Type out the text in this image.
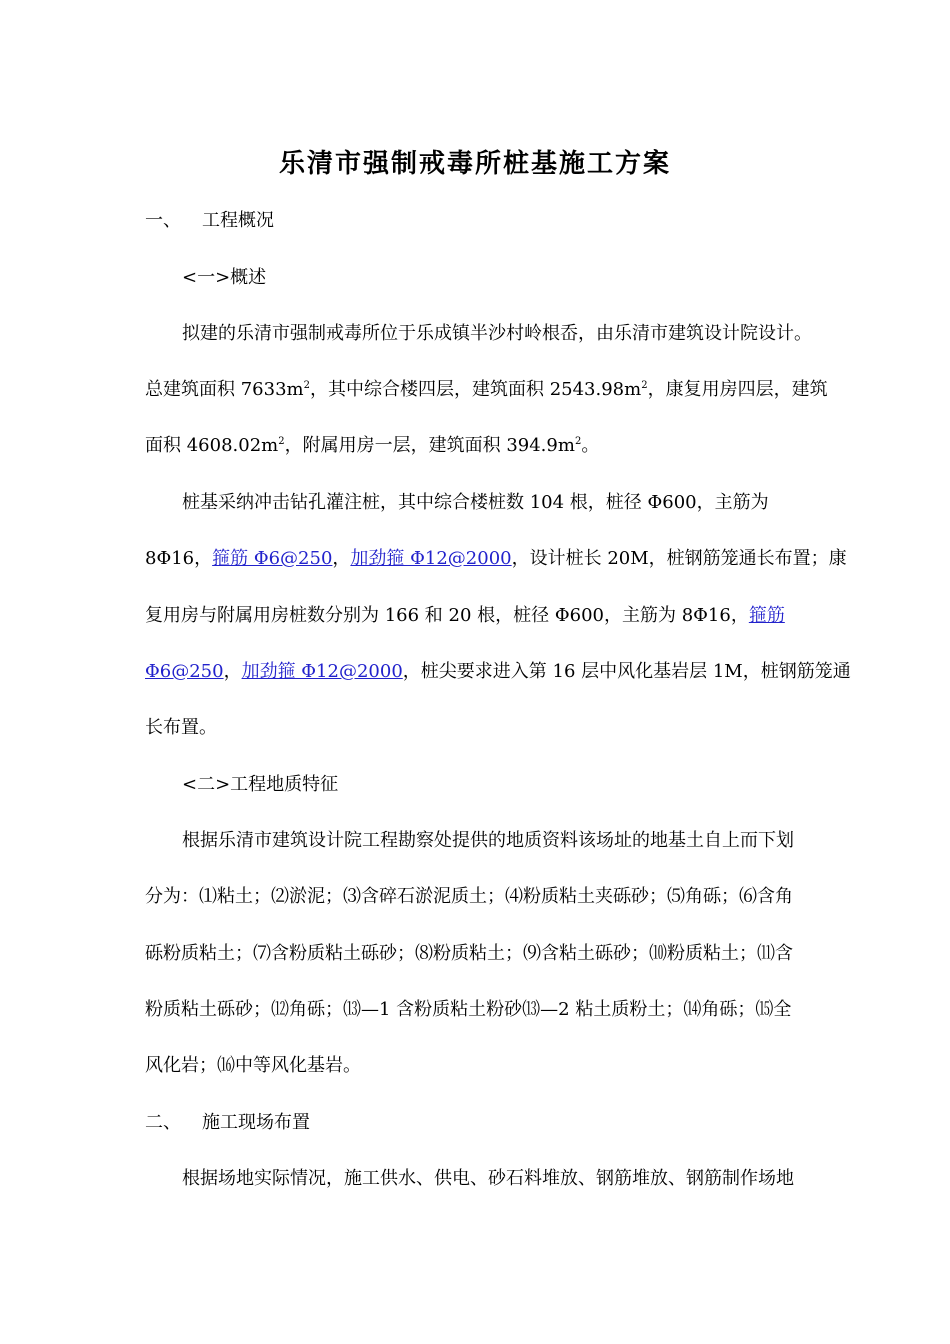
乐清市强制戒毒所桩基施工方案
一、 工程概况
<一>概述
拟建的乐清市强制戒毒所位于乐成镇半沙村岭根岙，由乐清市建筑设计院设计。
总建筑面积 $7633m^2$，其中综合楼四层，建筑面积 $2543.98m^2$，康复用房四层，建筑
面积 $4608.02m^2$，附属用房一层，建筑面积 $394.9m^2$。
桩基采纳冲击钻孔灌注桩，其中综合楼桩数 104 根，桩径 Φ600，主筋为
8Φ16，箍筋 Φ6@250，加劲箍 Φ12@2000，设计桩长 20M，桩钢筋笼通长布置；康
复用房与附属用房桩数分别为 166 和 20 根，桩径 Φ600，主筋为 8Φ16，箍筋
Φ6@250，加劲箍 Φ12@2000，桩尖要求进入第 16 层中风化基岩层 1M，桩钢筋笼通
长布置。
<二>工程地质特征
根据乐清市建筑设计院工程勘察处提供的地质资料该场址的地基土自上而下划
分为：⑴粘土；⑵淤泥；⑶含碎石淤泥质土；⑷粉质粘土夹砾砂；⑸角砾；⑹含角
砾粉质粘土；⑺含粉质粘土砾砂；⑻粉质粘土；⑼含粘土砾砂；⑽粉质粘土；⑾含
粉质粘土砾砂；⑿角砾；⒀—1 含粉质粘土粉砂⒀—2 粘土质粉土；⒁角砾；⒂全
风化岩；⒃中等风化基岩。
二、 施工现场布置
根据场地实际情况，施工供水、供电、砂石料堆放、钢筋堆放、钢筋制作场地
